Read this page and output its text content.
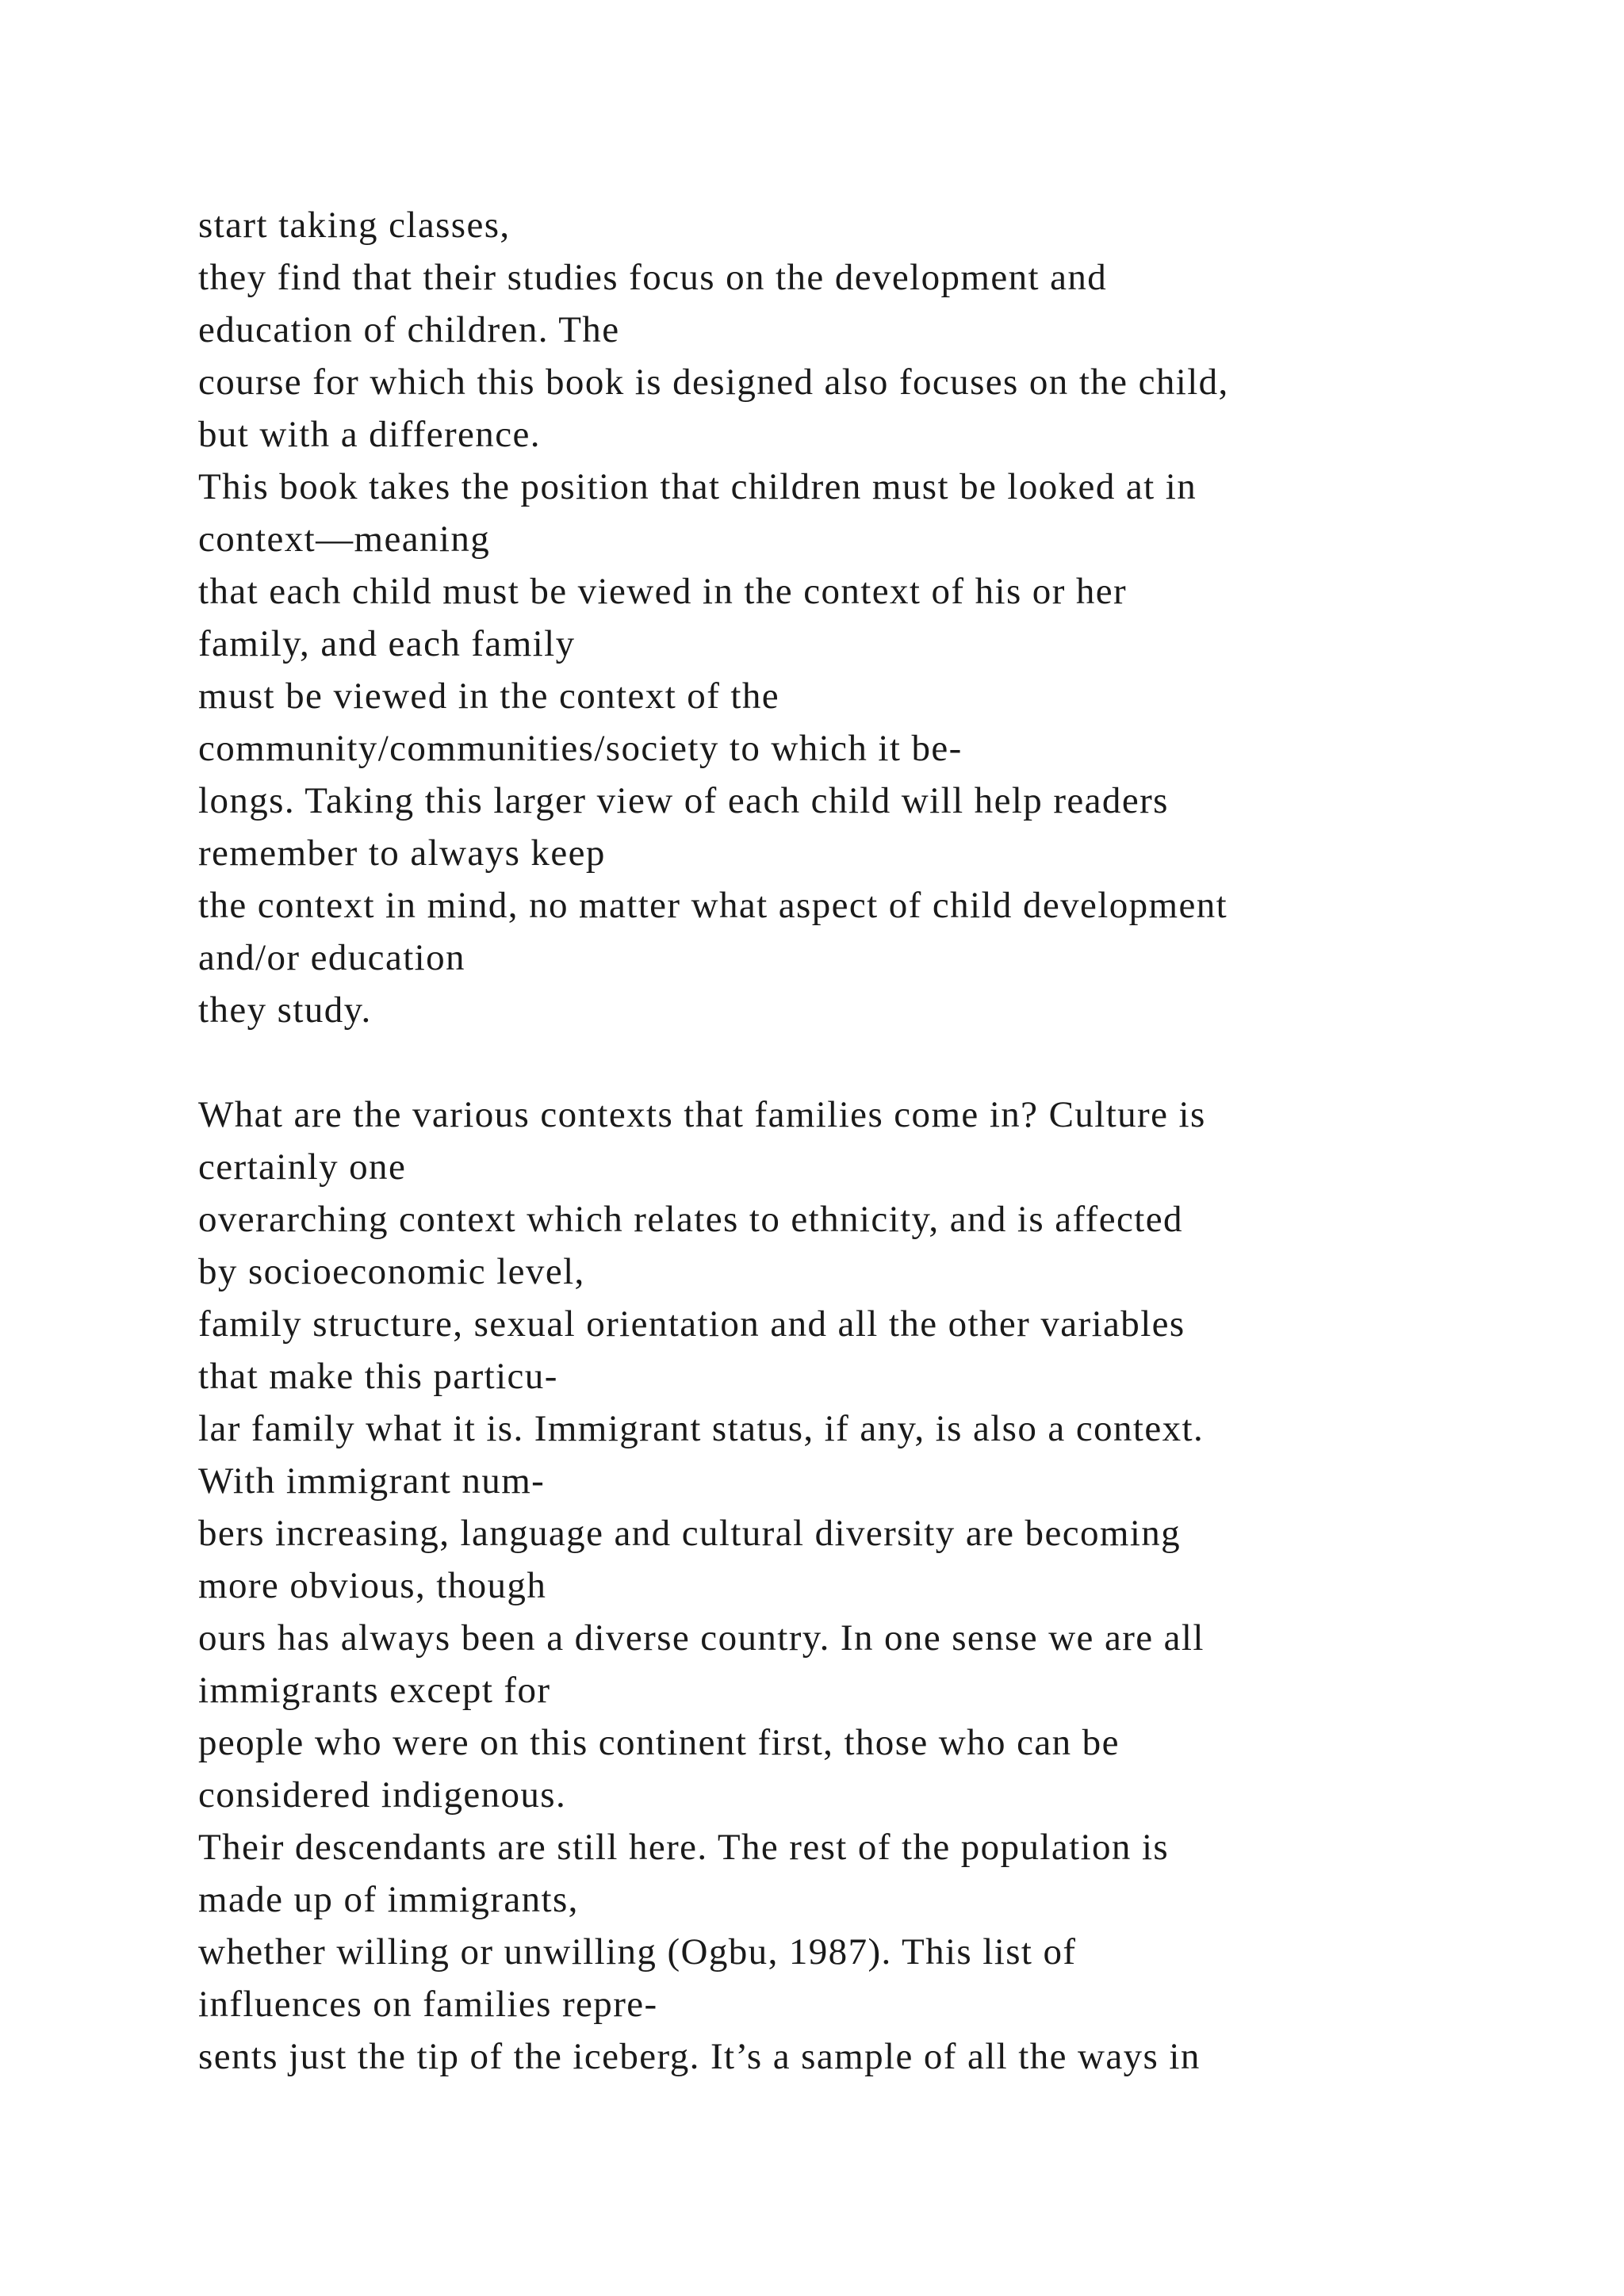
start taking classes,
they find that their studies focus on the development and
education of children. The
course for which this book is designed also focuses on the child,
but with a difference.
This book takes the position that children must be looked at in
context—meaning
that each child must be viewed in the context of his or her
family, and each family
must be viewed in the context of the
community/communities/society to which it be-
longs. Taking this larger view of each child will help readers
remember to always keep
the context in mind, no matter what aspect of child development
and/or education
they study.
What are the various contexts that families come in? Culture is
certainly one
overarching context which relates to ethnicity, and is affected
by socioeconomic level,
family structure, sexual orientation and all the other variables
that make this particu-
lar family what it is. Immigrant status, if any, is also a context.
With immigrant num-
bers increasing, language and cultural diversity are becoming
more obvious, though
ours has always been a diverse country. In one sense we are all
immigrants except for
people who were on this continent first, those who can be
considered indigenous.
Their descendants are still here. The rest of the population is
made up of immigrants,
whether willing or unwilling (Ogbu, 1987). This list of
influences on families repre-
sents just the tip of the iceberg. It’s a sample of all the ways in
